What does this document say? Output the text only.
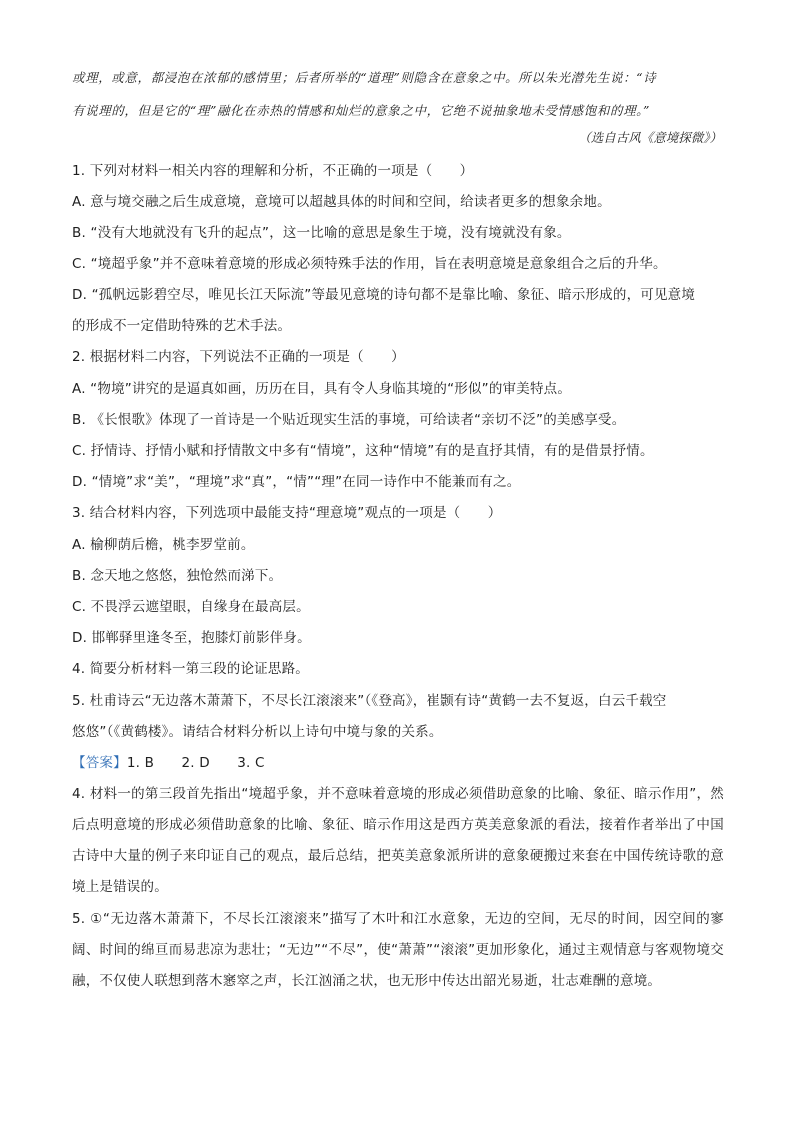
或理，或意，都浸泡在浓郁的感情里；后者所举的“道理”则隐含在意象之中。所以朱光潜先生说：“诗
有说理的，但是它的“理”融化在赤热的情感和灿烂的意象之中，它绝不说抽象地未受情感饱和的理。”
（选自古风《意境探微》）
1. 下列对材料一相关内容的理解和分析，不正确的一项是（　　）
A. 意与境交融之后生成意境，意境可以超越具体的时间和空间，给读者更多的想象余地。
B. “没有大地就没有飞升的起点”，这一比喻的意思是象生于境，没有境就没有象。
C. “境超乎象”并不意味着意境的形成必须特殊手法的作用，旨在表明意境是意象组合之后的升华。
D. “孤帆远影碧空尽，唯见长江天际流”等最见意境的诗句都不是靠比喻、象征、暗示形成的，可见意境
的形成不一定借助特殊的艺术手法。
2. 根据材料二内容，下列说法不正确的一项是（　　）
A. “物境”讲究的是逼真如画，历历在目，具有令人身临其境的“形似”的审美特点。
B. 《长恨歌》体现了一首诗是一个贴近现实生活的事境，可给读者“亲切不泛”的美感享受。
C. 抒情诗、抒情小赋和抒情散文中多有“情境”，这种“情境”有的是直抒其情，有的是借景抒情。
D. “情境”求“美”，“理境”求“真”，“情”“理”在同一诗作中不能兼而有之。
3. 结合材料内容，下列选项中最能支持“理意境”观点的一项是（　　）
A. 榆柳荫后檐，桃李罗堂前。
B. 念天地之悠悠，独怆然而涕下。
C. 不畏浮云遮望眼，自缘身在最高层。
D. 邯郸驿里逢冬至，抱膝灯前影伴身。
4. 简要分析材料一第三段的论证思路。
5. 杜甫诗云“无边落木萧萧下，不尽长江滚滚来”（《登高》，崔颢有诗“黄鹤一去不复返，白云千载空
悠悠”（《黄鹤楼》。请结合材料分析以上诗句中境与象的关系。
【答案】1. B　　2. D　　3. C
4. 材料一的第三段首先指出“境超乎象，并不意味着意境的形成必须借助意象的比喻、象征、暗示作用”，然后点明意境的形成必须借助意象的比喻、象征、暗示作用这是西方英美意象派的看法，接着作者举出了中国古诗中大量的例子来印证自己的观点，最后总结，把英美意象派所讲的意象硬搬过来套在中国传统诗歌的意境上是错误的。
5. ①“无边落木萧萧下，不尽长江滚滚来”描写了木叶和江水意象，无边的空间，无尽的时间，因空间的寥阔、时间的绵亘而易悲凉为悲壮；“无边”“不尽”，使“萧萧”“滚滚”更加形象化，通过主观情意与客观物境交融，不仅使人联想到落木窸窣之声，长江汹涌之状，也无形中传达出韶光易逝，壮志难酬的意境。
